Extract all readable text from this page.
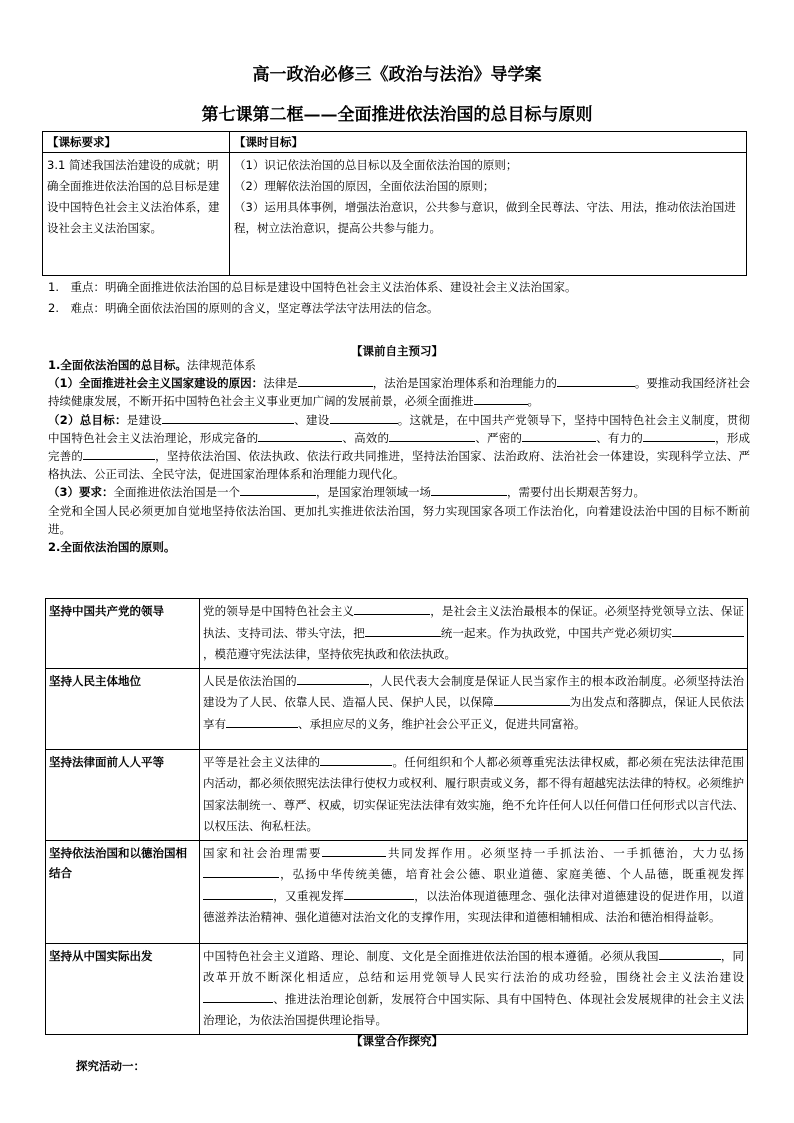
高一政治必修三《政治与法治》导学案
第七课第二框——全面推进依法治国的总目标与原则
【课标要求】	【课时目标】
3.1 简述我国法治建设的成就；明确全面推进依法治国的总目标是建设中国特色社会主义法治体系，建设社会主义法治国家。	（1）识记依法治国的总目标以及全面依法治国的原则；
（2）理解依法治国的原因，全面依法治国的原则；
（3）运用具体事例，增强法治意识，公共参与意识，做到全民尊法、守法、用法，推动依法治国进程，树立法治意识，提高公共参与能力。
1.　重点：明确全面推进依法治国的总目标是建设中国特色社会主义法治体系、建设社会主义法治国家。
2.　难点：明确全面依法治国的原则的含义，坚定尊法学法守法用法的信念。
【课前自主预习】

1.全面依法治国的总目标。法律规范体系

（1）全面推进社会主义国家建设的原因：法律是	，法治是国家治理体系和治理能力的	。要推动我国经济社会持续健康发展，不断开拓中国特色社会主义事业更加广阔的发展前景，必须全面推进	。

（2）总目标：是建设	、建设	。这就是，在中国共产党领导下，坚持中国特色社会主义制度，贯彻中国特色社会主义法治理论，形成完备的	、高效的	、严密的	、有力的	，形成完善的	，坚持依法治国、依法执政、依法行政共同推进，坚持法治国家、法治政府、法治社会一体建设，实现科学立法、严格执法、公正司法、全民守法，促进国家治理体系和治理能力现代化。

（3）要求：全面推进依法治国是一个	，是国家治理领域一场	，需要付出长期艰苦努力。

全党和全国人民必须更加自觉地坚持依法治国、更加扎实推进依法治国，努力实现国家各项工作法治化，向着建设法治中国的目标不断前进。

2.全面依法治国的原则。

坚持中国共产党的领导	党的领导是中国特色社会主义 ，是社会主义法治最根本的保证。必须坚持党领导立法、保证执法、支持司法、带头守法，把 统一起来。作为执政党，中国共产党必须切实，模范遵守宪法法律，坚持依宪执政和依法执政。
坚持人民主体地位	人民是依法治国的 ，人民代表大会制度是保证人民当家作主的根本政治制度。必须坚持法治建设为了人民、依靠人民、造福人民、保护人民，以保障 为出发点和落脚点，保证人民依法享有 、承担应尽的义务，维护社会公平正义，促进共同富裕。
坚持法律面前人人平等	平等是社会主义法律的 。任何组织和个人都必须尊重宪法法律权威，都必须在宪法法律范围内活动，都必须依照宪法法律行使权力或权利、履行职责或义务，都不得有超越宪法法律的特权。必须维护国家法制统一、尊严、权威，切实保证宪法法律有效实施，绝不允许任何人以任何借口任何形式以言代法、以权压法、徇私枉法。
坚持依法治国和以德治国相结合	国家和社会治理需要 共同发挥作用。必须坚持一手抓法治、一手抓德治，大力弘扬，弘扬中华传统美德，培育社会公德、职业道德、家庭美德、个人品德，既重视发挥，又重视发挥 ，以法治体现道德理念、强化法律对道德建设的促进作用，以道德滋养法治精神、强化道德对法治文化的支撑作用，实现法律和道德相辅相成、法治和德治相得益彰。
坚持从中国实际出发	中国特色社会主义道路、理论、制度、文化是全面推进依法治国的根本遵循。必须从我国 ，同改革开放不断深化相适应，总结和运用党领导人民实行法治的成功经验，围绕社会主义法治建设、推进法治理论创新，发展符合中国实际、具有中国特色、体现社会发展规律的社会主义法治理论，为依法治国提供理论指导。
【课堂合作探究】
探究活动一：
